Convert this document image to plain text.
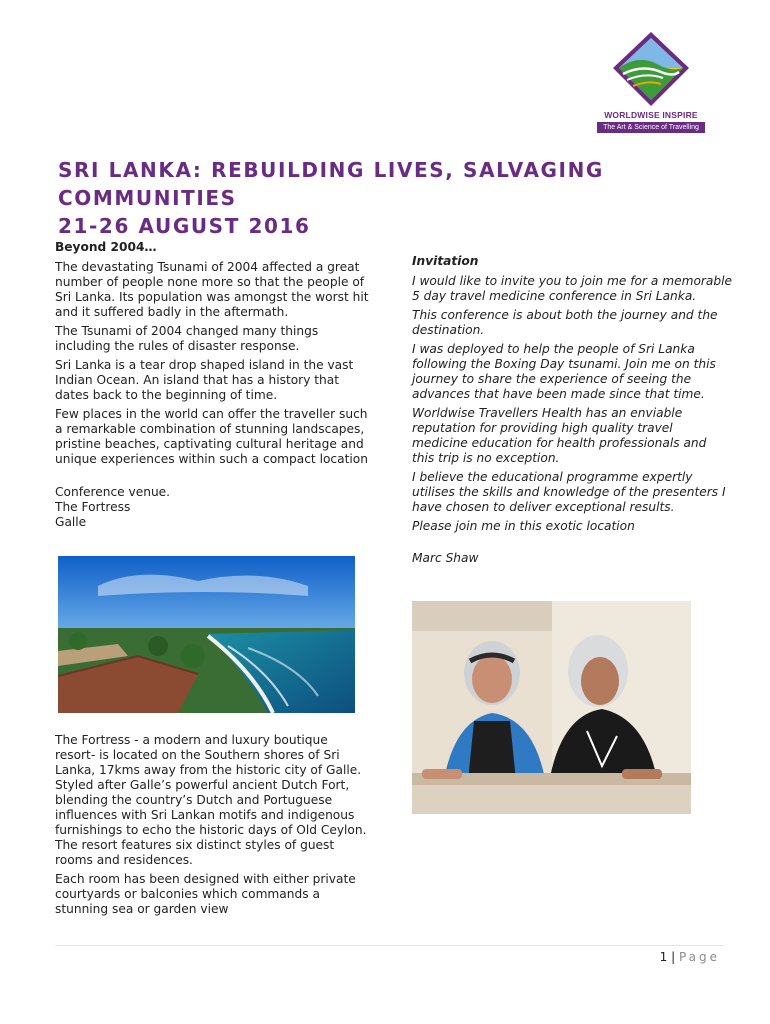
WORLDWISE INSPIRE
The Art & Science of Travelling
SRI LANKA: REBUILDING LIVES, SALVAGING COMMUNITIES
21-26 AUGUST 2016

Beyond 2004…

The devastating Tsunami of 2004 affected a great number of people none more so that the people of Sri Lanka. Its population was amongst the worst hit and it suffered badly in the aftermath.

The Tsunami of 2004 changed many things including the rules of disaster response.

Sri Lanka is a tear drop shaped island in the vast Indian Ocean. An island that has a history that dates back to the beginning of time.

Few places in the world can offer the traveller such a remarkable combination of stunning landscapes, pristine beaches, captivating cultural heritage and unique experiences within such a compact location

Conference venue.
The Fortress
Galle

The Fortress - a modern and luxury boutique resort- is located on the Southern shores of Sri Lanka, 17kms away from the historic city of Galle. Styled after Galle’s powerful ancient Dutch Fort, blending the country’s Dutch and Portuguese influences with Sri Lankan motifs and indigenous furnishings to echo the historic days of Old Ceylon. The resort features six distinct styles of guest rooms and residences.

Each room has been designed with either private courtyards or balconies which commands a stunning sea or garden view

Invitation

I would like to invite you to join me for a memorable 5 day travel medicine conference in Sri Lanka.

This conference is about both the journey and the destination.

I was deployed to help the people of Sri Lanka following the Boxing Day tsunami. Join me on this journey to share the experience of seeing the advances that have been made since that time.

Worldwise Travellers Health has an enviable reputation for providing high quality travel medicine education for health professionals and this trip is no exception.

I believe the educational programme expertly utilises the skills and knowledge of the presenters I have chosen to deliver exceptional results.

Please join me in this exotic location

Marc Shaw

1 | Page
